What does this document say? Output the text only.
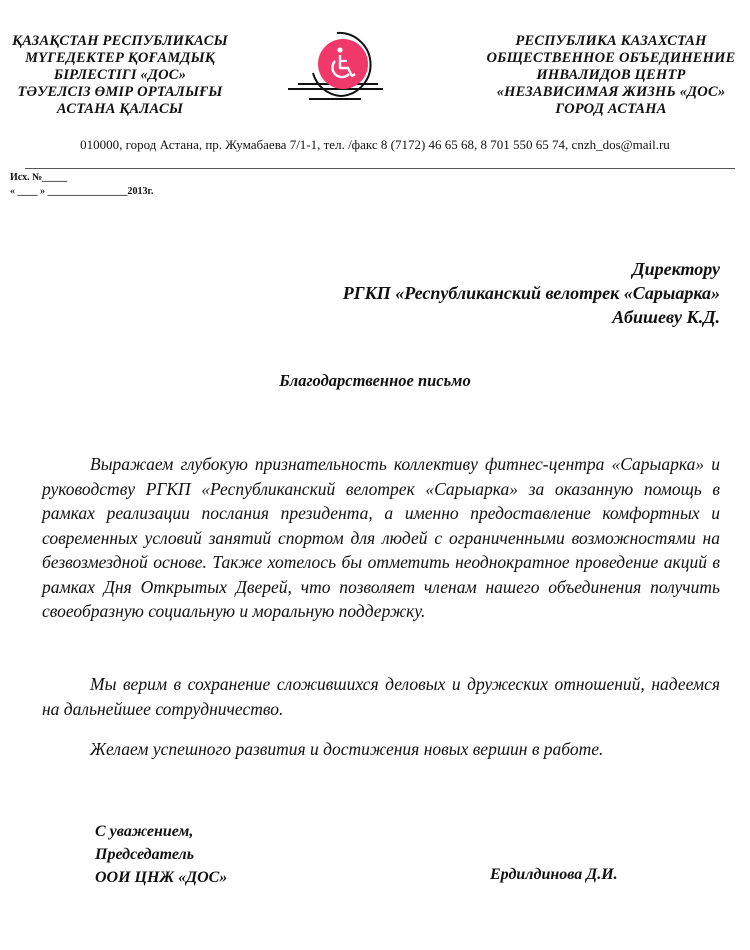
ҚАЗАҚСТАН РЕСПУБЛИКАСЫ
МҮГЕДЕКТЕР ҚОҒАМДЫҚ
БІРЛЕСТІГІ «ДОС»
ТӘУЕЛСІЗ ӨМІР ОРТАЛЫҒЫ
АСТАНА ҚАЛАСЫ
РЕСПУБЛИКА КАЗАХСТАН
ОБЩЕСТВЕННОЕ ОБЪЕДИНЕНИЕ
ИНВАЛИДОВ ЦЕНТР
«НЕЗАВИСИМАЯ ЖИЗНЬ «ДОС»
ГОРОД АСТАНА
010000, город Астана, пр. Жумабаева 7/1-1, тел. /факс 8 (7172) 46 65 68, 8 701 550 65 74, cnzh_dos@mail.ru
Исх. №_____
« ____ » ________________2013г.
Директору
РГКП «Республиканский велотрек «Сарыарка»
Абишеву К.Д.
Благодарственное письмо
Выражаем глубокую признательность коллективу фитнес-центра «Сарыарка» и руководству РГКП «Республиканский велотрек «Сарыарка» за оказанную помощь в рамках реализации послания президента, а именно предоставление комфортных и современных условий занятий спортом для людей с ограниченными возможностями на безвозмездной основе. Также хотелось бы отметить неоднократное проведение акций в рамках Дня Открытых Дверей, что позволяет членам нашего объединения получить своеобразную социальную и моральную поддержку.
Мы верим в сохранение сложившихся деловых и дружеских отношений, надеемся на дальнейшее сотрудничество.
Желаем успешного развития и достижения новых вершин в работе.
С уважением,
Председатель
ООИ ЦНЖ «ДОС»	Ердилдинова Д.И.
